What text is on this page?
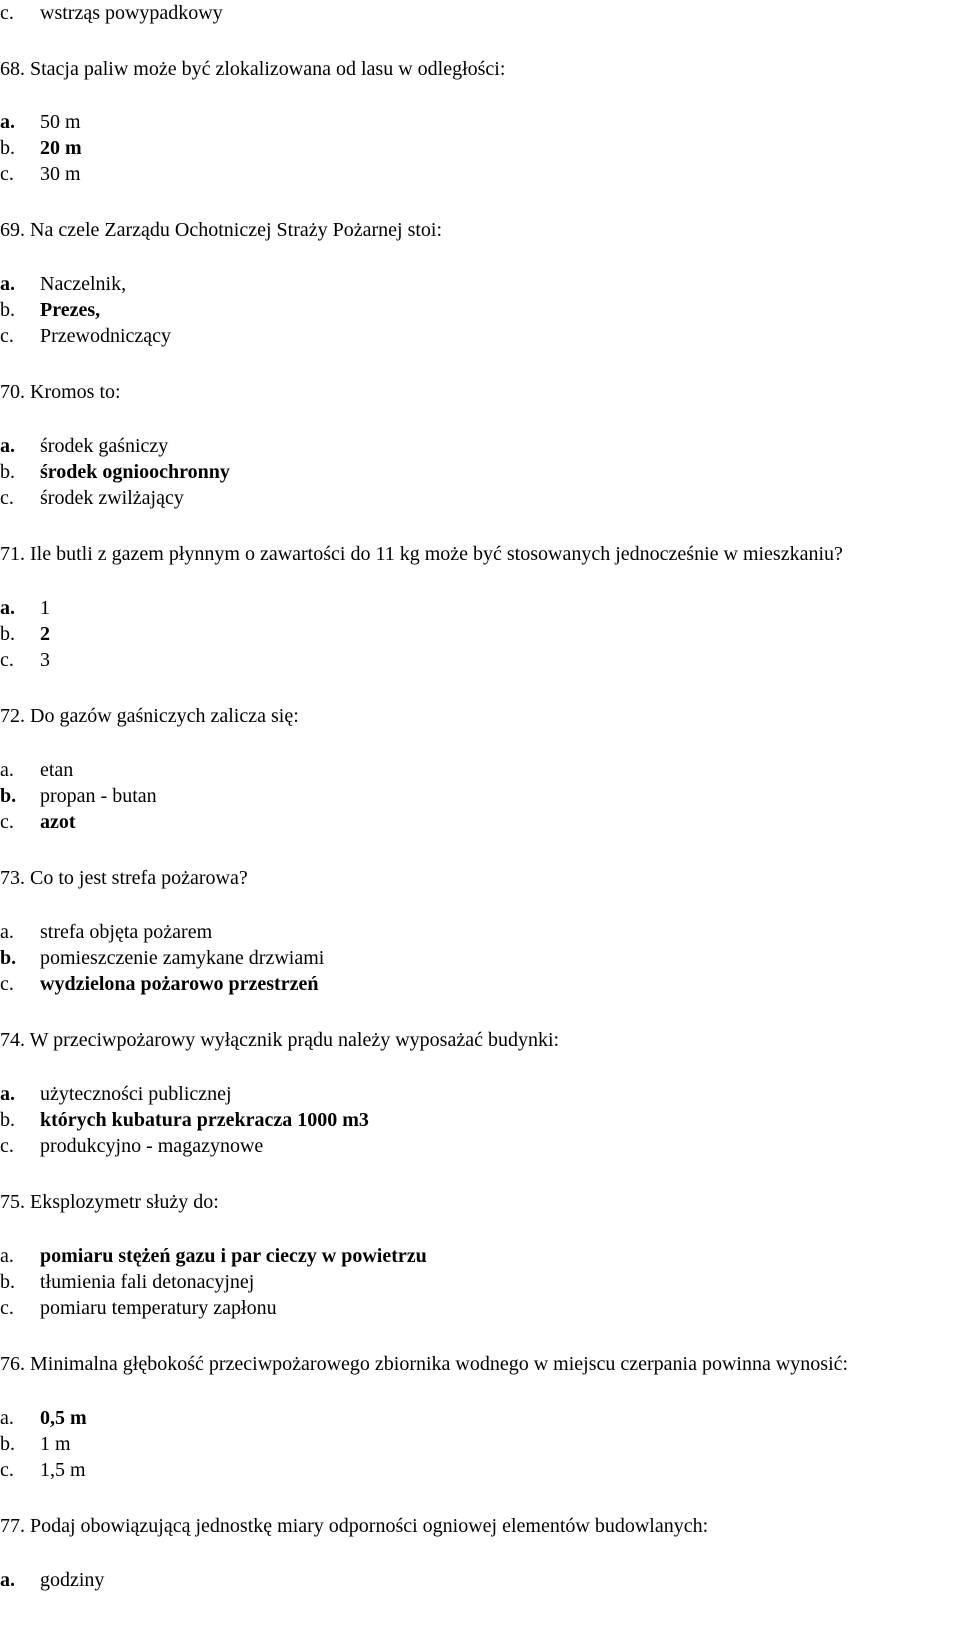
c.	wstrząs powypadkowy
68. Stacja paliw może być zlokalizowana od lasu w odległości:
a.	50 m
b.	20 m
c.	30 m
69. Na czele Zarządu Ochotniczej Straży Pożarnej stoi:
a.	Naczelnik,
b.	Prezes,
c.	Przewodniczący
70. Kromos to:
a.	środek gaśniczy
b.	środek ognioochronny
c.	środek zwilżający
71. Ile butli z gazem płynnym o zawartości do 11 kg może być stosowanych jednocześnie w mieszkaniu?
a.	1
b.	2
c.	3
72. Do gazów gaśniczych zalicza się:
a.	etan
b.	propan - butan
c.	azot
73. Co to jest strefa pożarowa?
a.	strefa objęta pożarem
b.	pomieszczenie zamykane drzwiami
c.	wydzielona pożarowo przestrzeń
74. W przeciwpożarowy wyłącznik prądu należy wyposażać budynki:
a.	użyteczności publicznej
b.	których kubatura przekracza 1000 m3
c.	produkcyjno - magazynowe
75. Eksplozymetr służy do:
a.	pomiaru stężeń gazu i par cieczy w powietrzu
b.	tłumienia fali detonacyjnej
c.	pomiaru temperatury zapłonu
76. Minimalna głębokość przeciwpożarowego zbiornika wodnego w miejscu czerpania powinna wynosić:
a.	0,5 m
b.	1 m
c.	1,5 m
77. Podaj obowiązującą jednostkę miary odporności ogniowej elementów budowlanych:
a.	godziny
